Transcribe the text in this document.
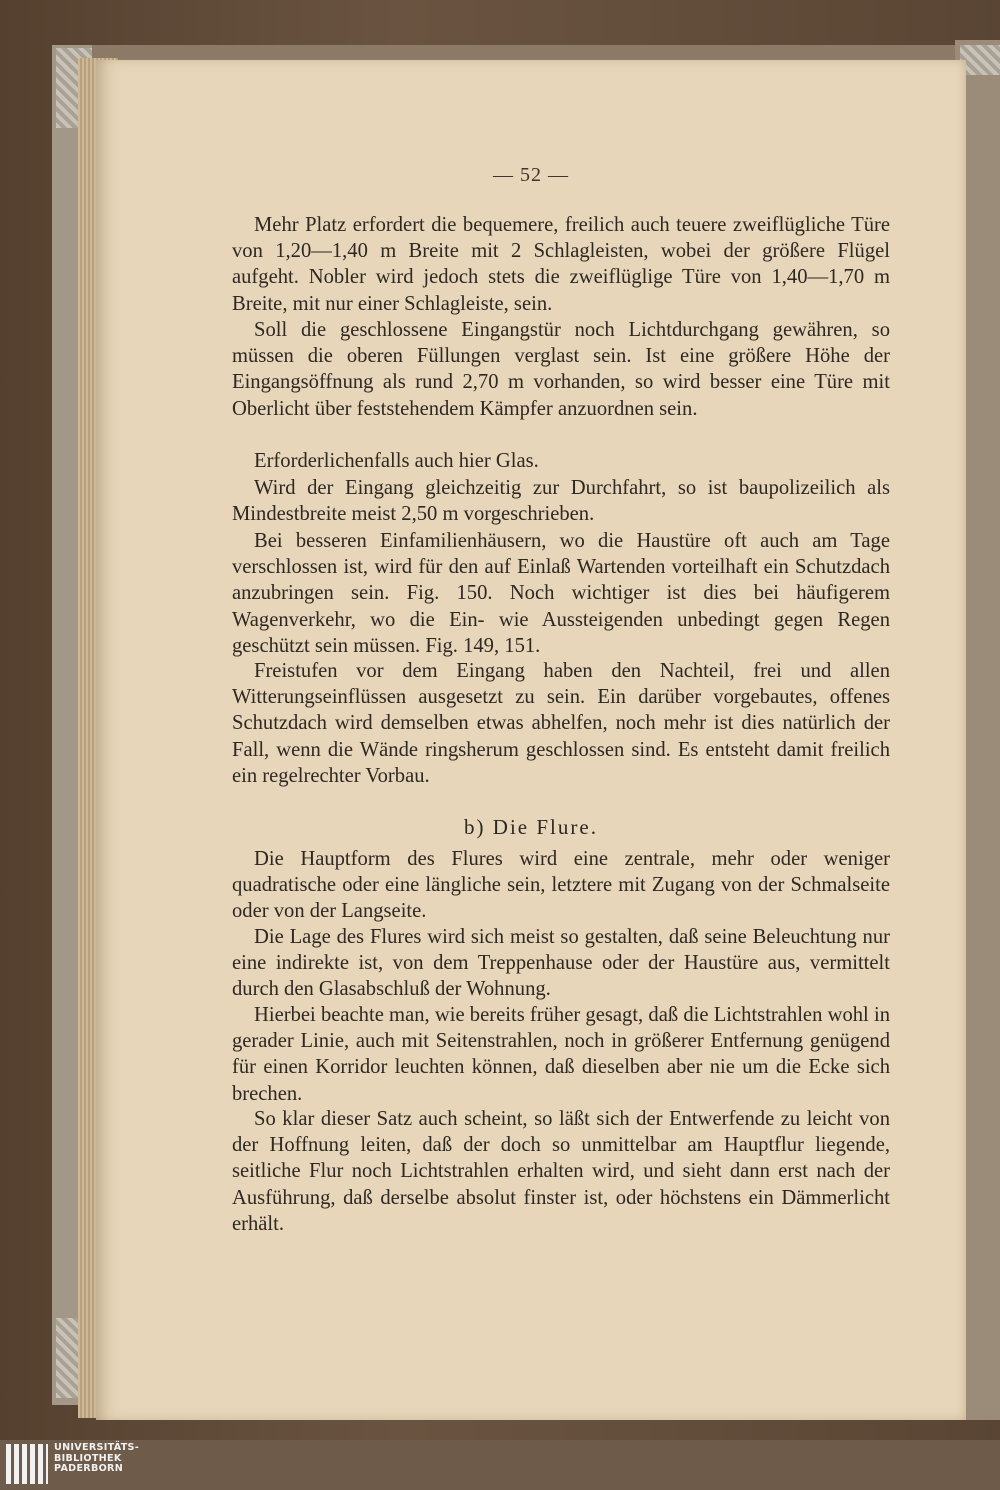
— 52 —

Mehr Platz erfordert die bequemere, freilich auch teuere zweiflügliche Türe von 1,20—1,40 m Breite mit 2 Schlagleisten, wobei der größere Flügel aufgeht. Nobler wird jedoch stets die zweiflüglige Türe von 1,40—1,70 m Breite, mit nur einer Schlagleiste, sein.

Soll die geschlossene Eingangstür noch Lichtdurchgang gewähren, so müssen die oberen Füllungen verglast sein. Ist eine größere Höhe der Eingangsöffnung als rund 2,70 m vorhanden, so wird besser eine Türe mit Oberlicht über feststehendem Kämpfer anzuordnen sein.

Erforderlichenfalls auch hier Glas.

Wird der Eingang gleichzeitig zur Durchfahrt, so ist baupolizeilich als Mindestbreite meist 2,50 m vorgeschrieben.

Bei besseren Einfamilienhäusern, wo die Haustüre oft auch am Tage verschlossen ist, wird für den auf Einlaß Wartenden vorteilhaft ein Schutzdach anzubringen sein. Fig. 150. Noch wichtiger ist dies bei häufigerem Wagenverkehr, wo die Ein- wie Aussteigenden unbedingt gegen Regen geschützt sein müssen. Fig. 149, 151.

Freistufen vor dem Eingang haben den Nachteil, frei und allen Witterungseinflüssen ausgesetzt zu sein. Ein darüber vorgebautes, offenes Schutzdach wird demselben etwas abhelfen, noch mehr ist dies natürlich der Fall, wenn die Wände ringsherum geschlossen sind. Es entsteht damit freilich ein regelrechter Vorbau.

b) Die Flure.

Die Hauptform des Flures wird eine zentrale, mehr oder weniger quadratische oder eine längliche sein, letztere mit Zugang von der Schmalseite oder von der Langseite.

Die Lage des Flures wird sich meist so gestalten, daß seine Beleuchtung nur eine indirekte ist, von dem Treppenhause oder der Haustüre aus, vermittelt durch den Glasabschluß der Wohnung.

Hierbei beachte man, wie bereits früher gesagt, daß die Lichtstrahlen wohl in gerader Linie, auch mit Seitenstrahlen, noch in größerer Entfernung genügend für einen Korridor leuchten können, daß dieselben aber nie um die Ecke sich brechen.

So klar dieser Satz auch scheint, so läßt sich der Entwerfende zu leicht von der Hoffnung leiten, daß der doch so unmittelbar am Hauptflur liegende, seitliche Flur noch Lichtstrahlen erhalten wird, und sieht dann erst nach der Ausführung, daß derselbe absolut finster ist, oder höchstens ein Dämmerlicht erhält.

UNIVERSITÄTS-
BIBLIOTHEK
PADERBORN
